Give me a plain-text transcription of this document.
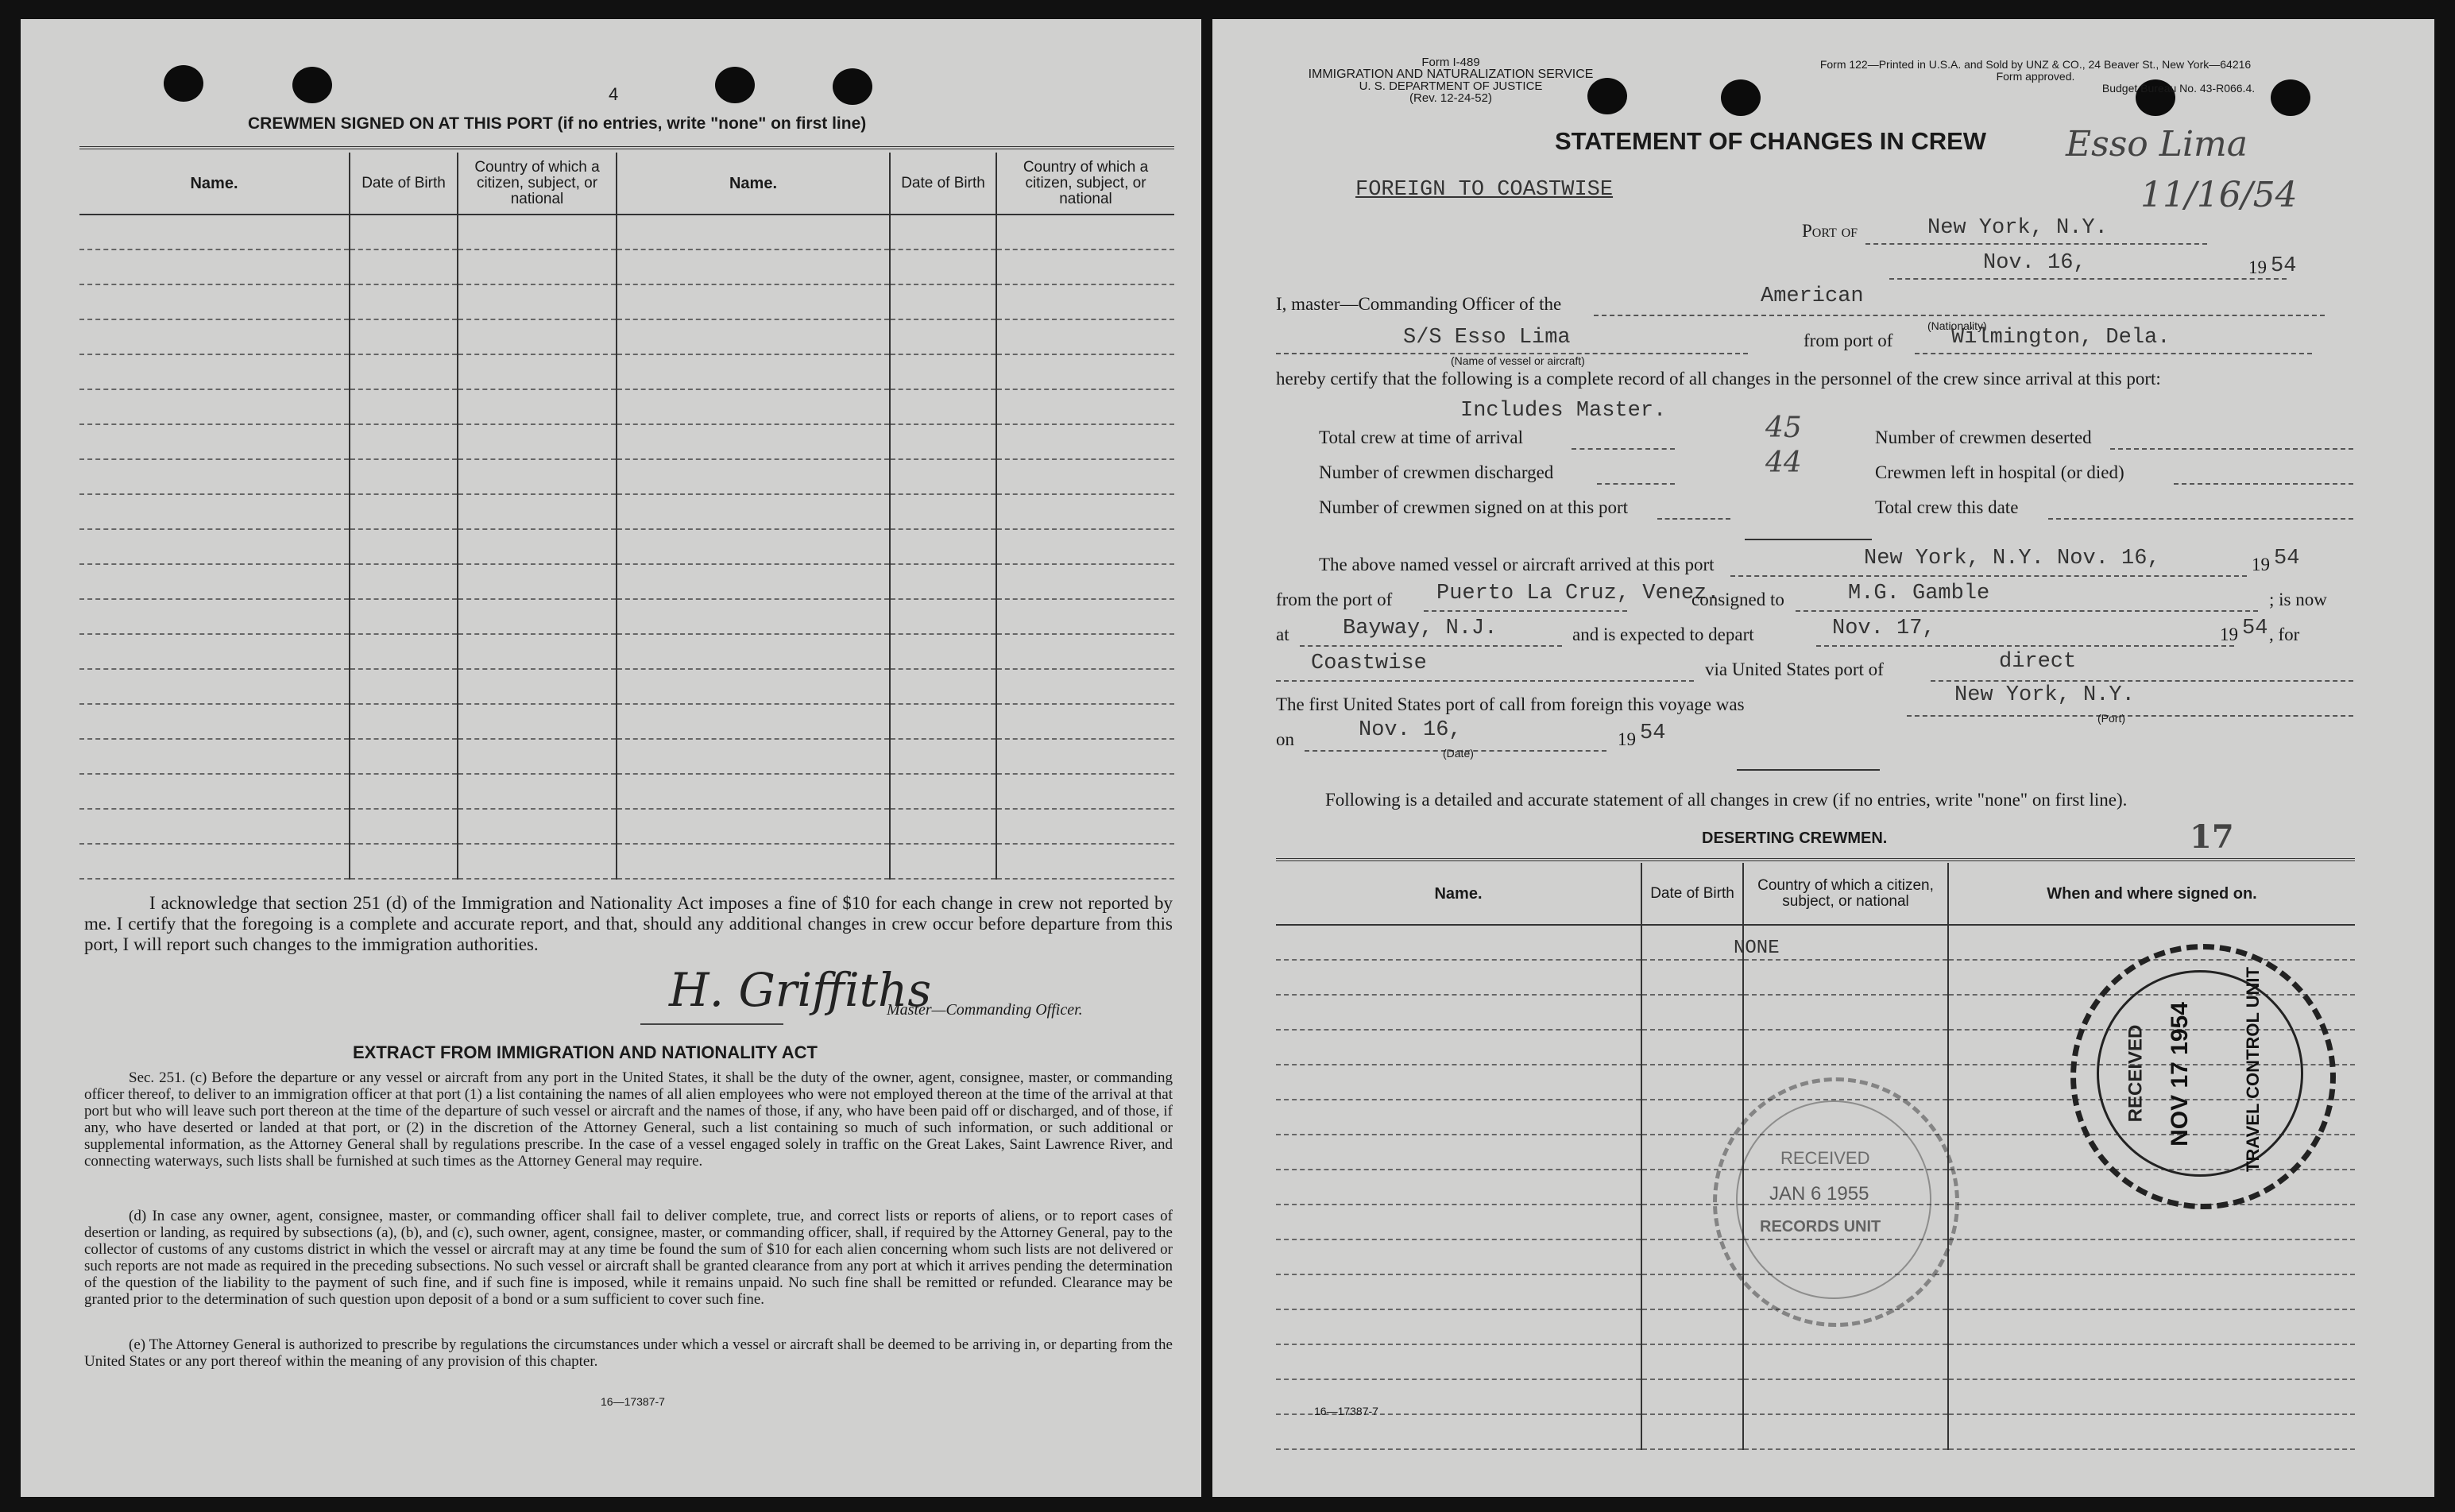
4
CREWMEN SIGNED ON AT THIS PORT (if no entries, write "none" on first line)
Name.	Date of Birth	Country of which a citizen, subject, or national	Name.	Date of Birth	Country of which a citizen, subject, or national

I acknowledge that section 251 (d) of the Immigration and Nationality Act imposes a fine of $10 for each change in crew not reported by me. I certify that the foregoing is a complete and accurate report, and that, should any additional changes in crew occur before departure from this port, I will report such changes to the immigration authorities.
H. Griffiths
Master—Commanding Officer.
EXTRACT FROM IMMIGRATION AND NATIONALITY ACT
Sec. 251. (c) Before the departure or any vessel or aircraft from any port in the United States, it shall be the duty of the owner, agent, consignee, master, or commanding officer thereof, to deliver to an immigration officer at that port (1) a list containing the names of all alien employees who were not employed thereon at the time of the arrival at that port but who will leave such port thereon at the time of the departure of such vessel or aircraft and the names of those, if any, who have been paid off or discharged, and of those, if any, who have deserted or landed at that port, or (2) in the discretion of the Attorney General, such a list containing so much of such information, or such additional or supplemental information, as the Attorney General shall by regulations prescribe. In the case of a vessel engaged solely in traffic on the Great Lakes, Saint Lawrence River, and connecting waterways, such lists shall be furnished at such times as the Attorney General may require.
(d) In case any owner, agent, consignee, master, or commanding officer shall fail to deliver complete, true, and correct lists or reports of aliens, or to report cases of desertion or landing, as required by subsections (a), (b), and (c), such owner, agent, consignee, master, or commanding officer, shall, if required by the Attorney General, pay to the collector of customs of any customs district in which the vessel or aircraft may at any time be found the sum of $10 for each alien concerning whom such lists are not delivered or such reports are not made as required in the preceding subsections. No such vessel or aircraft shall be granted clearance from any port at which it arrives pending the determination of the question of the liability to the payment of such fine, and if such fine is imposed, while it remains unpaid. No such fine shall be remitted or refunded. Clearance may be granted prior to the determination of such question upon deposit of a bond or a sum sufficient to cover such fine.
(e) The Attorney General is authorized to prescribe by regulations the circumstances under which a vessel or aircraft shall be deemed to be arriving in, or departing from the United States or any port thereof within the meaning of any provision of this chapter.
16—17387-7
Form I-489
IMMIGRATION AND NATURALIZATION SERVICE
U. S. DEPARTMENT OF JUSTICE
(Rev. 12-24-52)
Form 122—Printed in U.S.A. and Sold by UNZ & CO., 24 Beaver St., New York—64216
Form approved.
Budget Bureau No. 43-R066.4.
STATEMENT OF CHANGES IN CREW Esso Lima
11/16/54
FOREIGN TO COASTWISE
Port of	New York, N.Y.
Nov. 16,	19 54
I, master—Commanding Officer of the	American
(Nationality)
S/S Esso Lima
(Name of vessel or aircraft)
from port of	Wilmington, Dela.
hereby certify that the following is a complete record of all changes in the personnel of the crew since arrival at this port:
Includes Master.
Total crew at time of arrival	45	Number of crewmen deserted
Number of crewmen discharged	44	Crewmen left in hospital (or died)
Number of crewmen signed on at this port	Total crew this date
The above named vessel or aircraft arrived at this port	New York, N.Y. Nov. 16,	19 54
from the port of Puerto La Cruz, Venez.
consigned to	M.G. Gamble	; is now
at Bayway, N.J.	and is expected to depart	Nov. 17,	19 54 , for
Coastwise	via United States port of	direct
The first United States port of call from foreign this voyage was	New York, N.Y.
(Port)
on	Nov. 16,
(Date)
19 54
Following is a detailed and accurate statement of all changes in crew (if no entries, write "none" on first line).
DESERTING CREWMEN.	17
Name.	Date of Birth	Country of which a citizen, subject, or national	When and where signed on.

NONE
RECEIVED
JAN 6 1955
RECORDS UNIT
RECEIVED NOV 17 1954	TRAVEL CONTROL UNIT
16—17387-7
